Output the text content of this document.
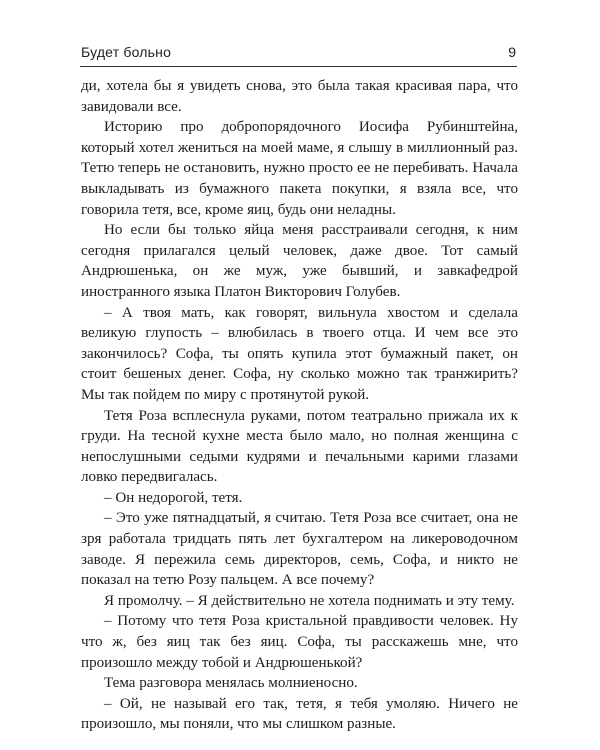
Будет больно	9

ди, хотела бы я увидеть снова, это была такая красивая пара, что завидовали все.

Историю про добропорядочного Иосифа Рубинштейна, который хотел жениться на моей маме, я слышу в миллионный раз. Тетю теперь не остановить, нужно просто ее не перебивать. Начала выкладывать из бумажного пакета покупки, я взяла все, что говорила тетя, все, кроме яиц, будь они неладны.

Но если бы только яйца меня расстраивали сегодня, к ним сегодня прилагался целый человек, даже двое. Тот самый Андрюшенька, он же муж, уже бывший, и завкафедрой иностранного языка Платон Викторович Голубев.

– А твоя мать, как говорят, вильнула хвостом и сделала великую глупость – влюбилась в твоего отца. И чем все это закончилось? Софа, ты опять купила этот бумажный пакет, он стоит бешеных денег. Софа, ну сколько можно так транжирить? Мы так пойдем по миру с протянутой рукой.

Тетя Роза всплеснула руками, потом театрально прижала их к груди. На тесной кухне места было мало, но полная женщина с непослушными седыми кудрями и печальными карими глазами ловко передвигалась.

– Он недорогой, тетя.

– Это уже пятнадцатый, я считаю. Тетя Роза все считает, она не зря работала тридцать пять лет бухгалтером на ликероводочном заводе. Я пережила семь директоров, семь, Софа, и никто не показал на тетю Розу пальцем. А все почему?

Я промолчу. – Я действительно не хотела поднимать и эту тему.

– Потому что тетя Роза кристальной правдивости человек. Ну что ж, без яиц так без яиц. Софа, ты расскажешь мне, что произошло между тобой и Андрюшенькой?

Тема разговора менялась молниеносно.

– Ой, не называй его так, тетя, я тебя умоляю. Ничего не произошло, мы поняли, что мы слишком разные.
